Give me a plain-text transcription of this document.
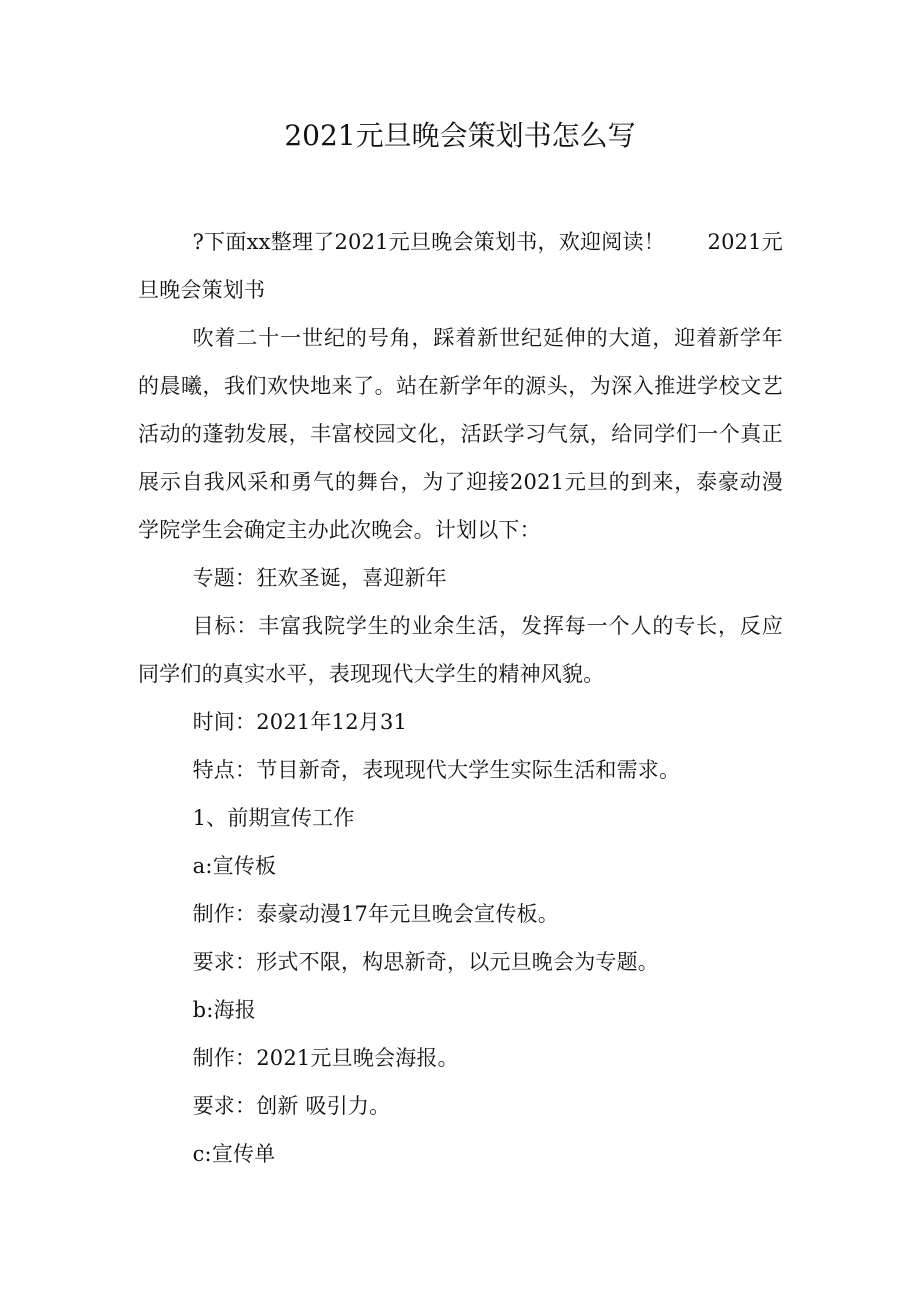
2021元旦晚会策划书怎么写

?下面xx整理了2021元旦晚会策划书，欢迎阅读！　　2021元旦晚会策划书

吹着二十一世纪的号角，踩着新世纪延伸的大道，迎着新学年的晨曦，我们欢快地来了。站在新学年的源头，为深入推进学校文艺活动的蓬勃发展，丰富校园文化，活跃学习气氛，给同学们一个真正展示自我风采和勇气的舞台，为了迎接2021元旦的到来，泰豪动漫学院学生会确定主办此次晚会。计划以下：

专题：狂欢圣诞，喜迎新年

目标：丰富我院学生的业余生活，发挥每一个人的专长，反应同学们的真实水平，表现现代大学生的精神风貌。

时间：2021年12月31

特点：节目新奇，表现现代大学生实际生活和需求。

1、前期宣传工作

a:宣传板

制作：泰豪动漫17年元旦晚会宣传板。

要求：形式不限，构思新奇，以元旦晚会为专题。

b:海报

制作：2021元旦晚会海报。

要求：创新 吸引力。

c:宣传单
